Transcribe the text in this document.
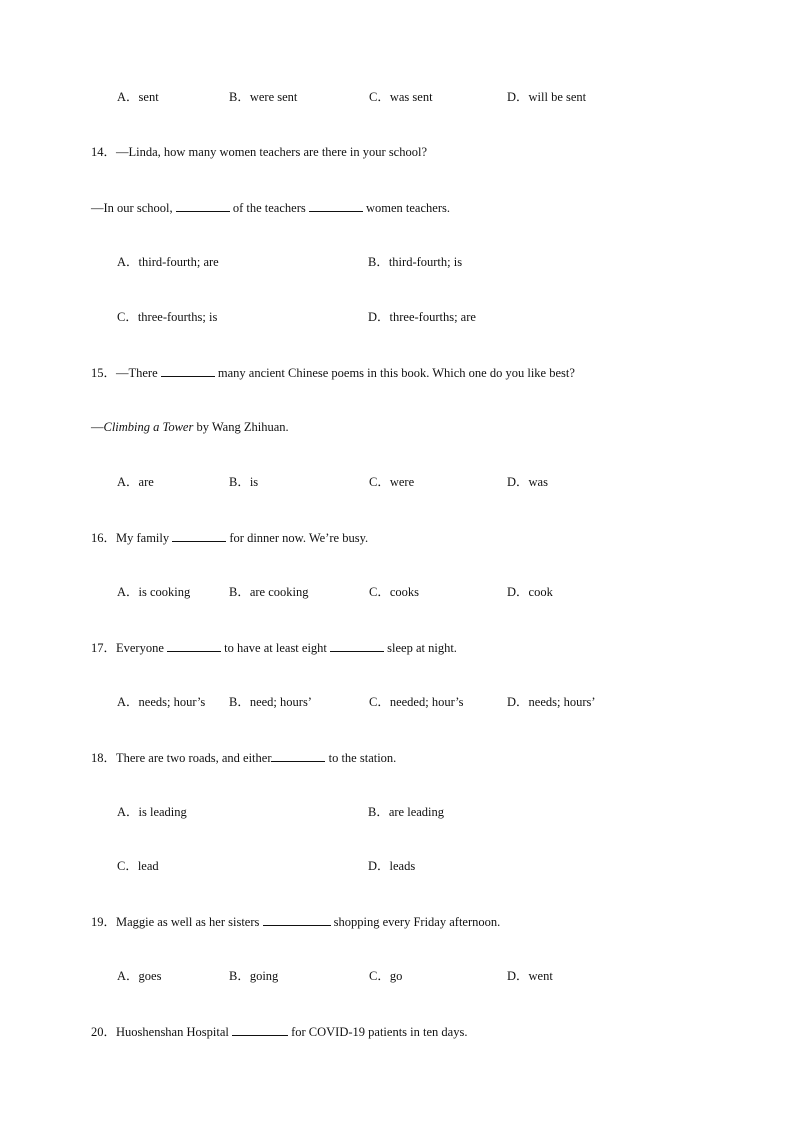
A．sent	B．were sent	C．was sent	D．will be sent
14．—Linda, how many women teachers are there in your school?
—In our school,	of the teachers	women teachers.
A．third-fourth; are	B．third-fourth; is
C．three-fourths; is	D．three-fourths; are
15．—There	many ancient Chinese poems in this book. Which one do you like best?
—Climbing a Tower by Wang Zhihuan.
A．are	B．is	C．were	D．was
16．My family	for dinner now. We’re busy.
A．is cooking	B．are cooking	C．cooks	D．cook
17．Everyone	to have at least eight	sleep at night.
A．needs; hour’s B．need; hours’	C．needed; hour’s	D．needs; hours’
18．There are two roads, and either	to the station.
A．is leading	B．are leading
C．lead	D．leads
19．Maggie as well as her sisters	shopping every Friday afternoon.
A．goes	B．going	C．go	D．went
20．Huoshenshan Hospital	for COVID-19 patients in ten days.
